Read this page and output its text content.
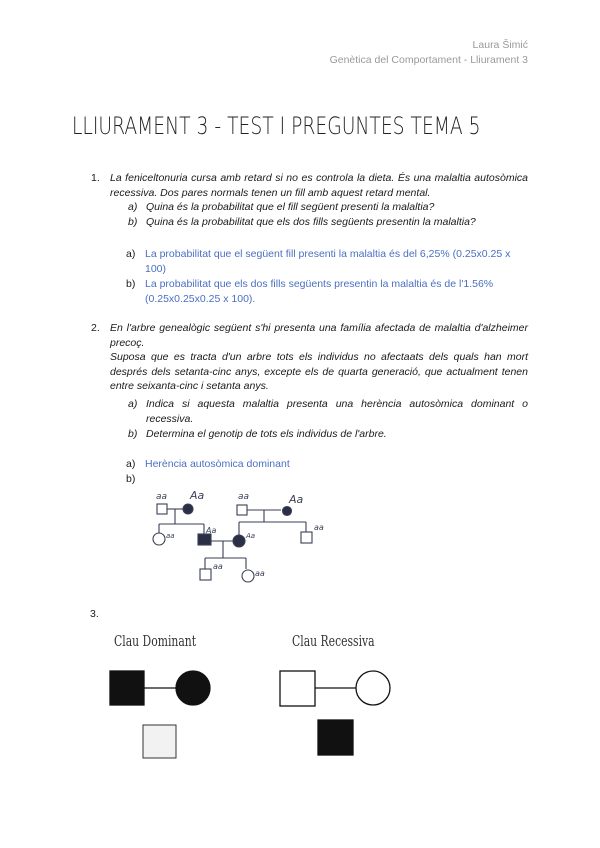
Laura Šimić
Genètica del Comportament - Lliurament 3
LLIURAMENT 3 - TEST I PREGUNTES TEMA 5
1. La feniceltonuria cursa amb retard si no es controla la dieta. És una malaltia autosòmica recessiva. Dos pares normals tenen un fill amb aquest retard mental.
a) Quina és la probabilitat que el fill següent presenti la malaltia?
b) Quina és la probabilitat que els dos fills següents presentin la malaltia?
a) La probabilitat que el següent fill presenti la malaltia és del 6,25% (0.25x0.25 x 100)
b) La probabilitat que els dos fills següents presentin la malaltia és de l'1.56% (0.25x0.25x0.25 x 100).
2. En l'arbre genealògic següent s'hi presenta una família afectada de malaltia d'alzheimer precoç.
Suposa que es tracta d'un arbre tots els individus no afectaats dels quals han mort després dels setanta-cinc anys, excepte els de quarta generació, que actualment tenen entre seixanta-cinc i setanta anys.
a) Indica si aquesta malaltia presenta una herència autosòmica dominant o recessiva.
b) Determina el genotip de tots els individus de l'arbre.
a) Herència autosòmica dominant
b)
aa Aa	aa	Aa
aa
Aa
Aa
aa
aa
aa
3.
Clau Dominant	Clau Recessiva
